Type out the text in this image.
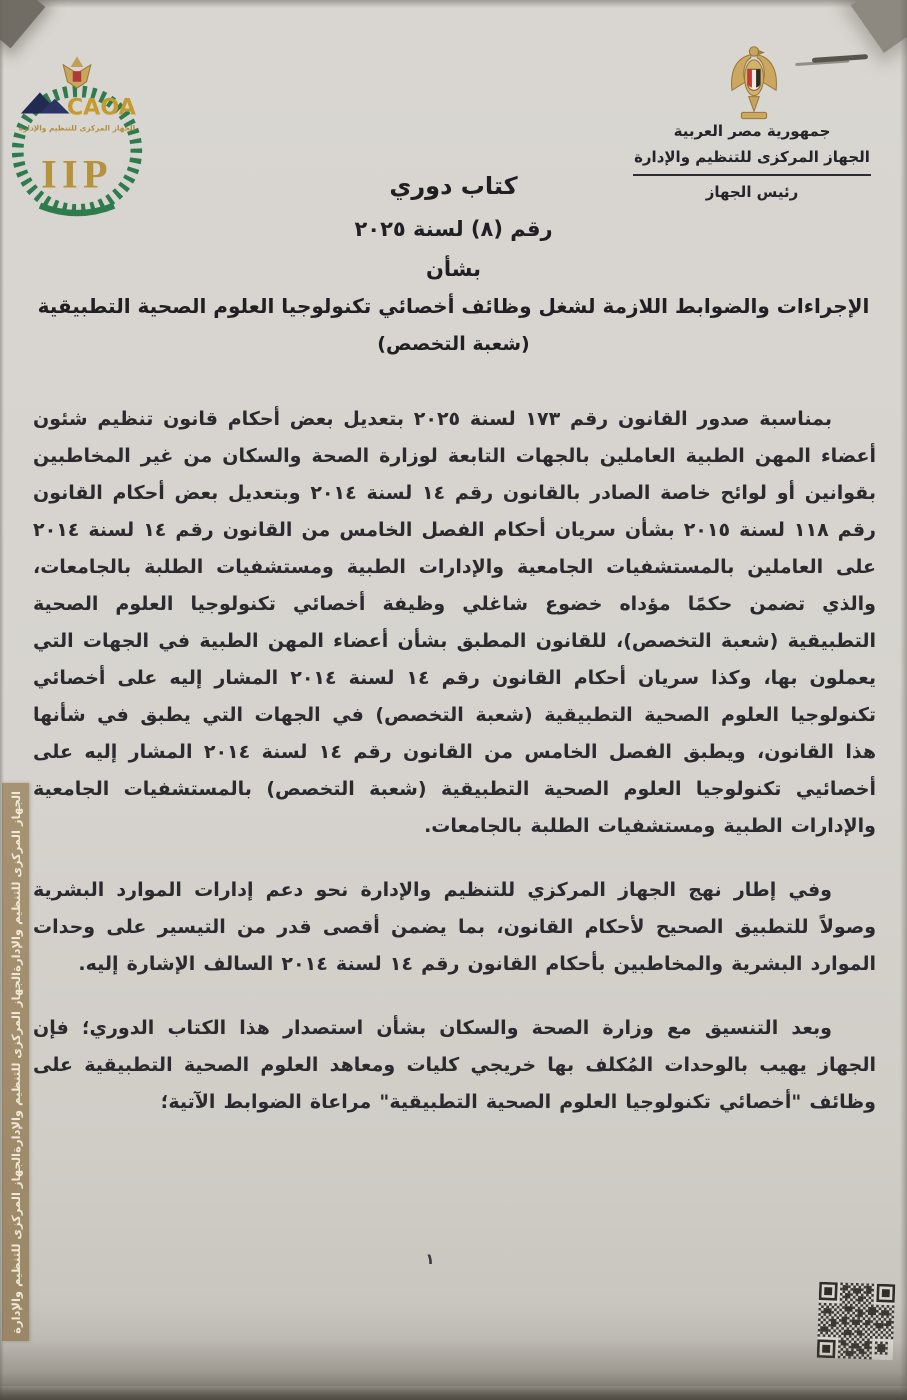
CAOA
الجهاز المركزى للتنظيم والإدارة
IIP
جمهورية مصر العربية
الجهاز المركزى للتنظيم والإدارة
رئيس الجهاز
كتاب دوري
رقم (٨) لسنة ٢٠٢٥
بشأن
الإجراءات والضوابط اللازمة لشغل وظائف أخصائي تكنولوجيا العلوم الصحية التطبيقية
(شعبة التخصص)

بمناسبة صدور القانون رقم ١٧٣ لسنة ٢٠٢٥ بتعديل بعض أحكام قانون تنظيم شئون أعضاء المهن الطبية العاملين بالجهات التابعة لوزارة الصحة والسكان من غير المخاطبين بقوانين أو لوائح خاصة الصادر بالقانون رقم ١٤ لسنة ٢٠١٤ وبتعديل بعض أحكام القانون رقم ١١٨ لسنة ٢٠١٥ بشأن سريان أحكام الفصل الخامس من القانون رقم ١٤ لسنة ٢٠١٤ على العاملين بالمستشفيات الجامعية والإدارات الطبية ومستشفيات الطلبة بالجامعات، والذي تضمن حكمًا مؤداه خضوع شاغلي وظيفة أخصائي تكنولوجيا العلوم الصحية التطبيقية (شعبة التخصص)، للقانون المطبق بشأن أعضاء المهن الطبية في الجهات التي يعملون بها، وكذا سريان أحكام القانون رقم ١٤ لسنة ٢٠١٤ المشار إليه على أخصائي تكنولوجيا العلوم الصحية التطبيقية (شعبة التخصص) في الجهات التي يطبق في شأنها هذا القانون، ويطبق الفصل الخامس من القانون رقم ١٤ لسنة ٢٠١٤ المشار إليه على أخصائيي تكنولوجيا العلوم الصحية التطبيقية (شعبة التخصص) بالمستشفيات الجامعية والإدارات الطبية ومستشفيات الطلبة بالجامعات.

وفي إطار نهج الجهاز المركزي للتنظيم والإدارة نحو دعم إدارات الموارد البشرية وصولاً للتطبيق الصحيح لأحكام القانون، بما يضمن أقصى قدر من التيسير على وحدات الموارد البشرية والمخاطبين بأحكام القانون رقم ١٤ لسنة ٢٠١٤ السالف الإشارة إليه.

وبعد التنسيق مع وزارة الصحة والسكان بشأن استصدار هذا الكتاب الدوري؛ فإن الجهاز يهيب بالوحدات المُكلف بها خريجي كليات ومعاهد العلوم الصحية التطبيقية على وظائف "أخصائي تكنولوجيا العلوم الصحية التطبيقية" مراعاة الضوابط الآتية؛

الجهاز المركزى للتنظيم والإدارة
الجهاز المركزى للتنظيم والإدارة
الجهاز المركزى للتنظيم والإدارة	١
